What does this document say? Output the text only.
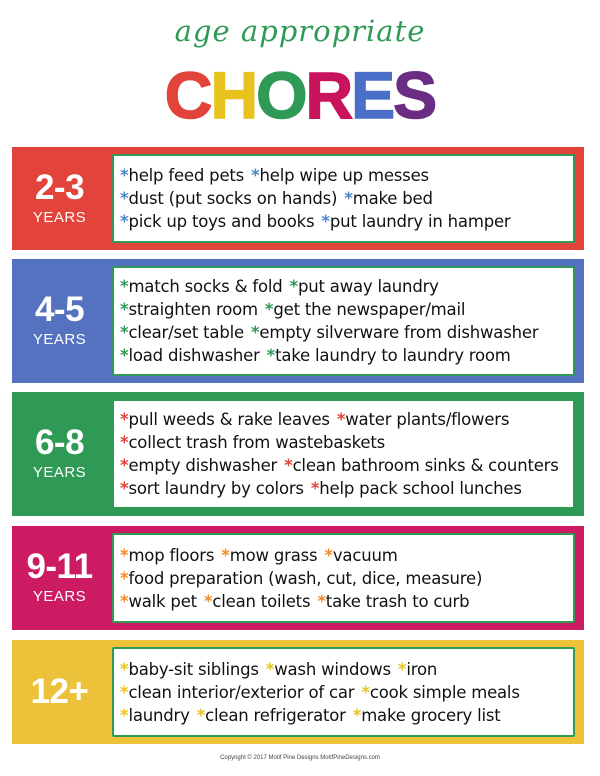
age appropriate
CHORES
2-3
YEARS
*help feed pets *help wipe up messes
*dust (put socks on hands) *make bed
*pick up toys and books *put laundry in hamper
4-5
YEARS
*match socks & fold *put away laundry
*straighten room *get the newspaper/mail
*clear/set table *empty silverware from dishwasher
*load dishwasher *take laundry to laundry room
6-8
YEARS
*pull weeds & rake leaves *water plants/flowers
*collect trash from wastebaskets
*empty dishwasher *clean bathroom sinks & counters
*sort laundry by colors *help pack school lunches
9-11
YEARS
*mop floors *mow grass *vacuum
*food preparation (wash, cut, dice, measure)
*walk pet *clean toilets *take trash to curb
12+
*baby-sit siblings *wash windows *iron
*clean interior/exterior of car *cook simple meals
*laundry *clean refrigerator *make grocery list
Copyright © 2017 Motif Pine Designs MotifPineDesigns.com
